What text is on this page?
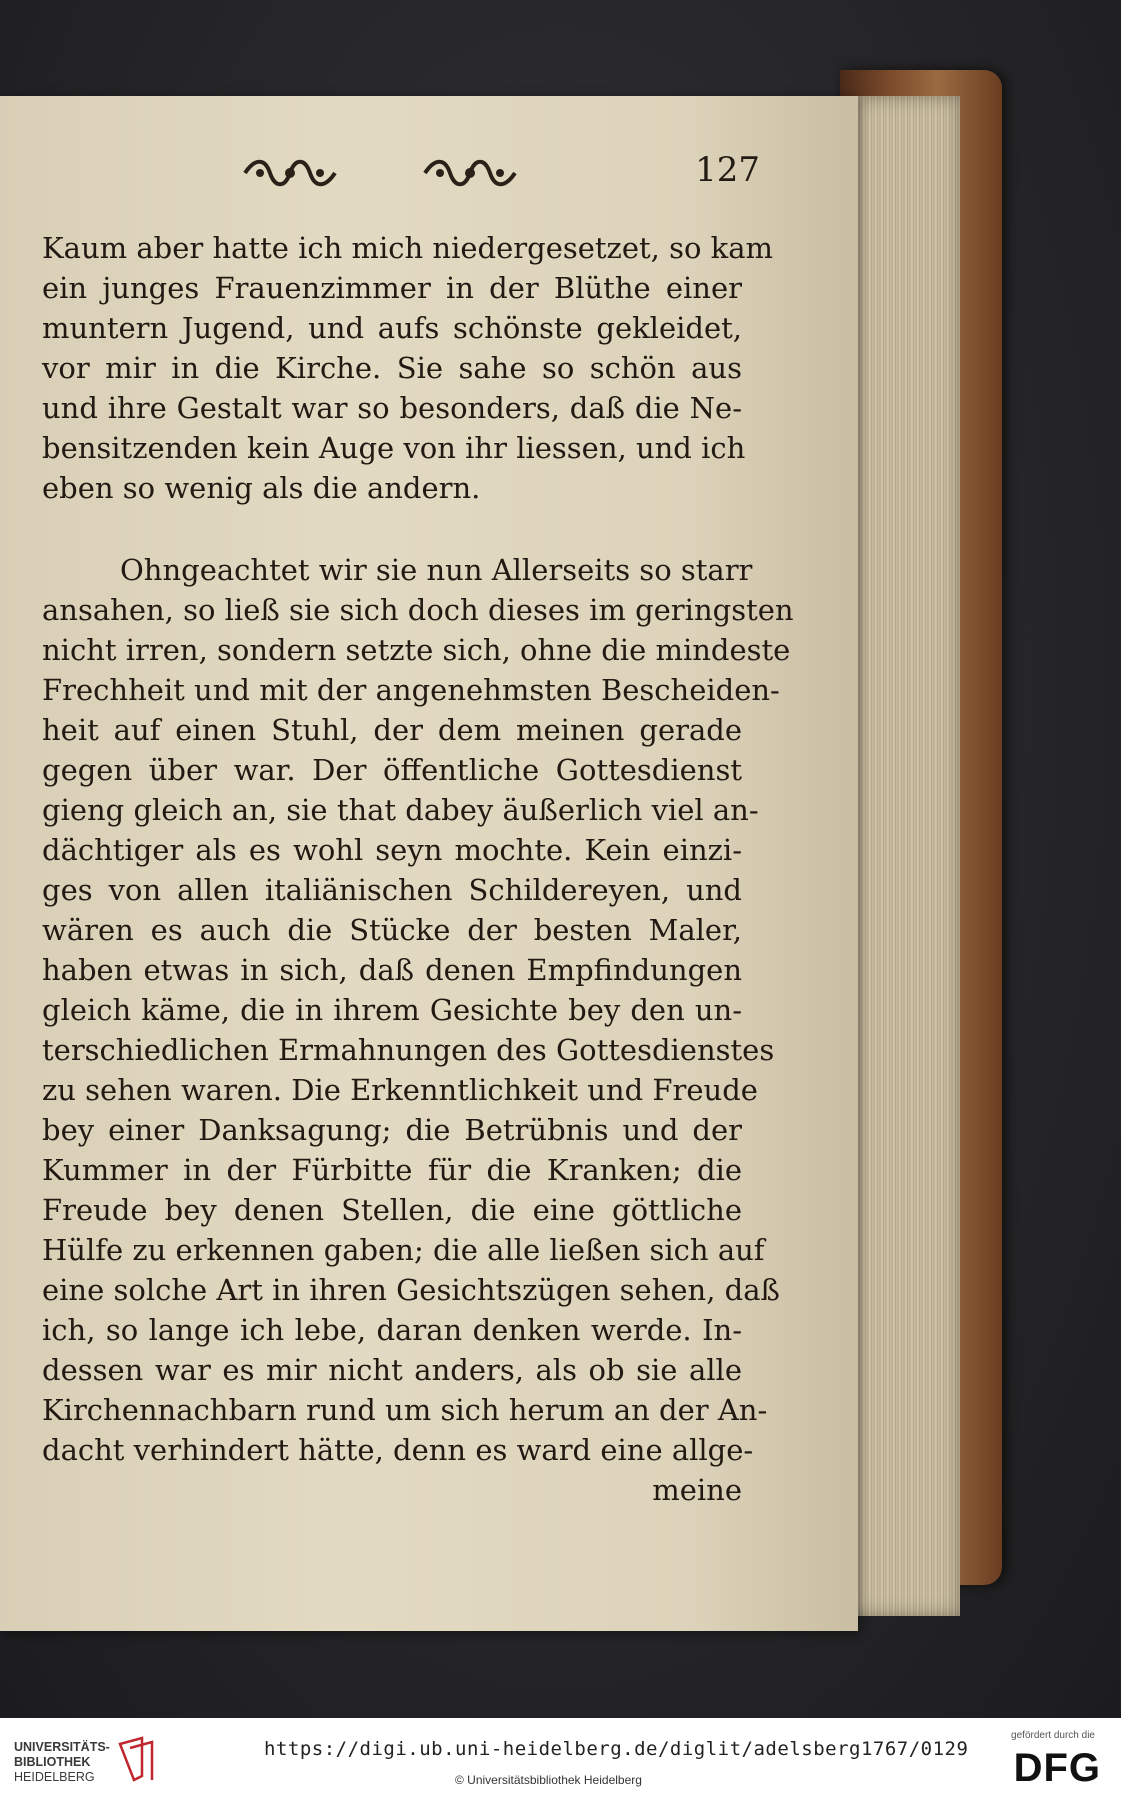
127
Kaum aber hatte ich mich niedergesetzet, so kam
ein junges Frauenzimmer in der Blüthe einer
muntern Jugend, und aufs schönste gekleidet,
vor mir in die Kirche. Sie sahe so schön aus
und ihre Gestalt war so besonders, daß die Ne-
bensitzenden kein Auge von ihr liessen, und ich
eben so wenig als die andern.
Ohngeachtet wir sie nun Allerseits so starr
ansahen, so ließ sie sich doch dieses im geringsten
nicht irren, sondern setzte sich, ohne die mindeste
Frechheit und mit der angenehmsten Bescheiden-
heit auf einen Stuhl, der dem meinen gerade
gegen über war. Der öffentliche Gottesdienst
gieng gleich an, sie that dabey äußerlich viel an-
dächtiger als es wohl seyn mochte. Kein einzi-
ges von allen italiänischen Schildereyen, und
wären es auch die Stücke der besten Maler,
haben etwas in sich, daß denen Empfindungen
gleich käme, die in ihrem Gesichte bey den un-
terschiedlichen Ermahnungen des Gottesdienstes
zu sehen waren. Die Erkenntlichkeit und Freude
bey einer Danksagung; die Betrübnis und der
Kummer in der Fürbitte für die Kranken; die
Freude bey denen Stellen, die eine göttliche
Hülfe zu erkennen gaben; die alle ließen sich auf
eine solche Art in ihren Gesichtszügen sehen, daß
ich, so lange ich lebe, daran denken werde. In-
dessen war es mir nicht anders, als ob sie alle
Kirchennachbarn rund um sich herum an der An-
dacht verhindert hätte, denn es ward eine allge-
meine
UNIVERSITÄTS-
BIBLIOTHEK
HEIDELBERG
https://digi.ub.uni-heidelberg.de/diglit/adelsberg1767/0129
© Universitätsbibliothek Heidelberg
gefördert durch die
DFG
